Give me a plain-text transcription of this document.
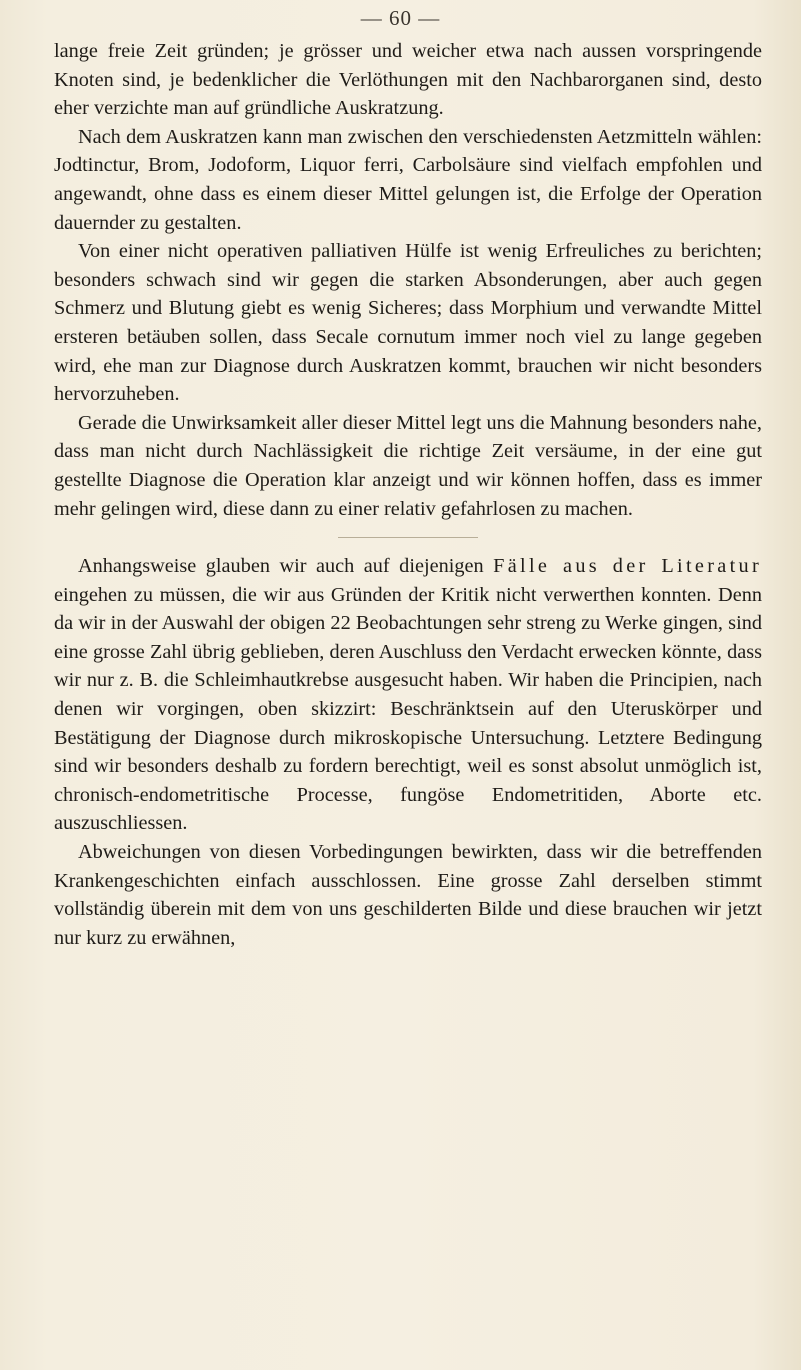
— 60 —

lange freie Zeit gründen; je grösser und weicher etwa nach aussen vorspringende Knoten sind, je bedenklicher die Verlöthungen mit den Nachbarorganen sind, desto eher verzichte man auf gründliche Auskratzung.

Nach dem Auskratzen kann man zwischen den verschiedensten Aetzmitteln wählen: Jodtinctur, Brom, Jodoform, Liquor ferri, Carbolsäure sind vielfach empfohlen und angewandt, ohne dass es einem dieser Mittel gelungen ist, die Erfolge der Operation dauernder zu gestalten.

Von einer nicht operativen palliativen Hülfe ist wenig Erfreuliches zu berichten; besonders schwach sind wir gegen die starken Absonderungen, aber auch gegen Schmerz und Blutung giebt es wenig Sicheres; dass Morphium und verwandte Mittel ersteren betäuben sollen, dass Secale cornutum immer noch viel zu lange gegeben wird, ehe man zur Diagnose durch Auskratzen kommt, brauchen wir nicht besonders hervorzuheben.

Gerade die Unwirksamkeit aller dieser Mittel legt uns die Mahnung besonders nahe, dass man nicht durch Nachlässigkeit die richtige Zeit versäume, in der eine gut gestellte Diagnose die Operation klar anzeigt und wir können hoffen, dass es immer mehr gelingen wird, diese dann zu einer relativ gefahrlosen zu machen.

Anhangsweise glauben wir auch auf diejenigen Fälle aus der Literatur eingehen zu müssen, die wir aus Gründen der Kritik nicht verwerthen konnten. Denn da wir in der Auswahl der obigen 22 Beobachtungen sehr streng zu Werke gingen, sind eine grosse Zahl übrig geblieben, deren Auschluss den Verdacht erwecken könnte, dass wir nur z. B. die Schleimhautkrebse ausgesucht haben. Wir haben die Principien, nach denen wir vorgingen, oben skizzirt: Beschränktsein auf den Uteruskörper und Bestätigung der Diagnose durch mikroskopische Untersuchung. Letztere Bedingung sind wir besonders deshalb zu fordern berechtigt, weil es sonst absolut unmöglich ist, chronisch-endometritische Processe, fungöse Endometritiden, Aborte etc. auszuschliessen.

Abweichungen von diesen Vorbedingungen bewirkten, dass wir die betreffenden Krankengeschichten einfach ausschlossen. Eine grosse Zahl derselben stimmt vollständig überein mit dem von uns geschilderten Bilde und diese brauchen wir jetzt nur kurz zu erwähnen,
